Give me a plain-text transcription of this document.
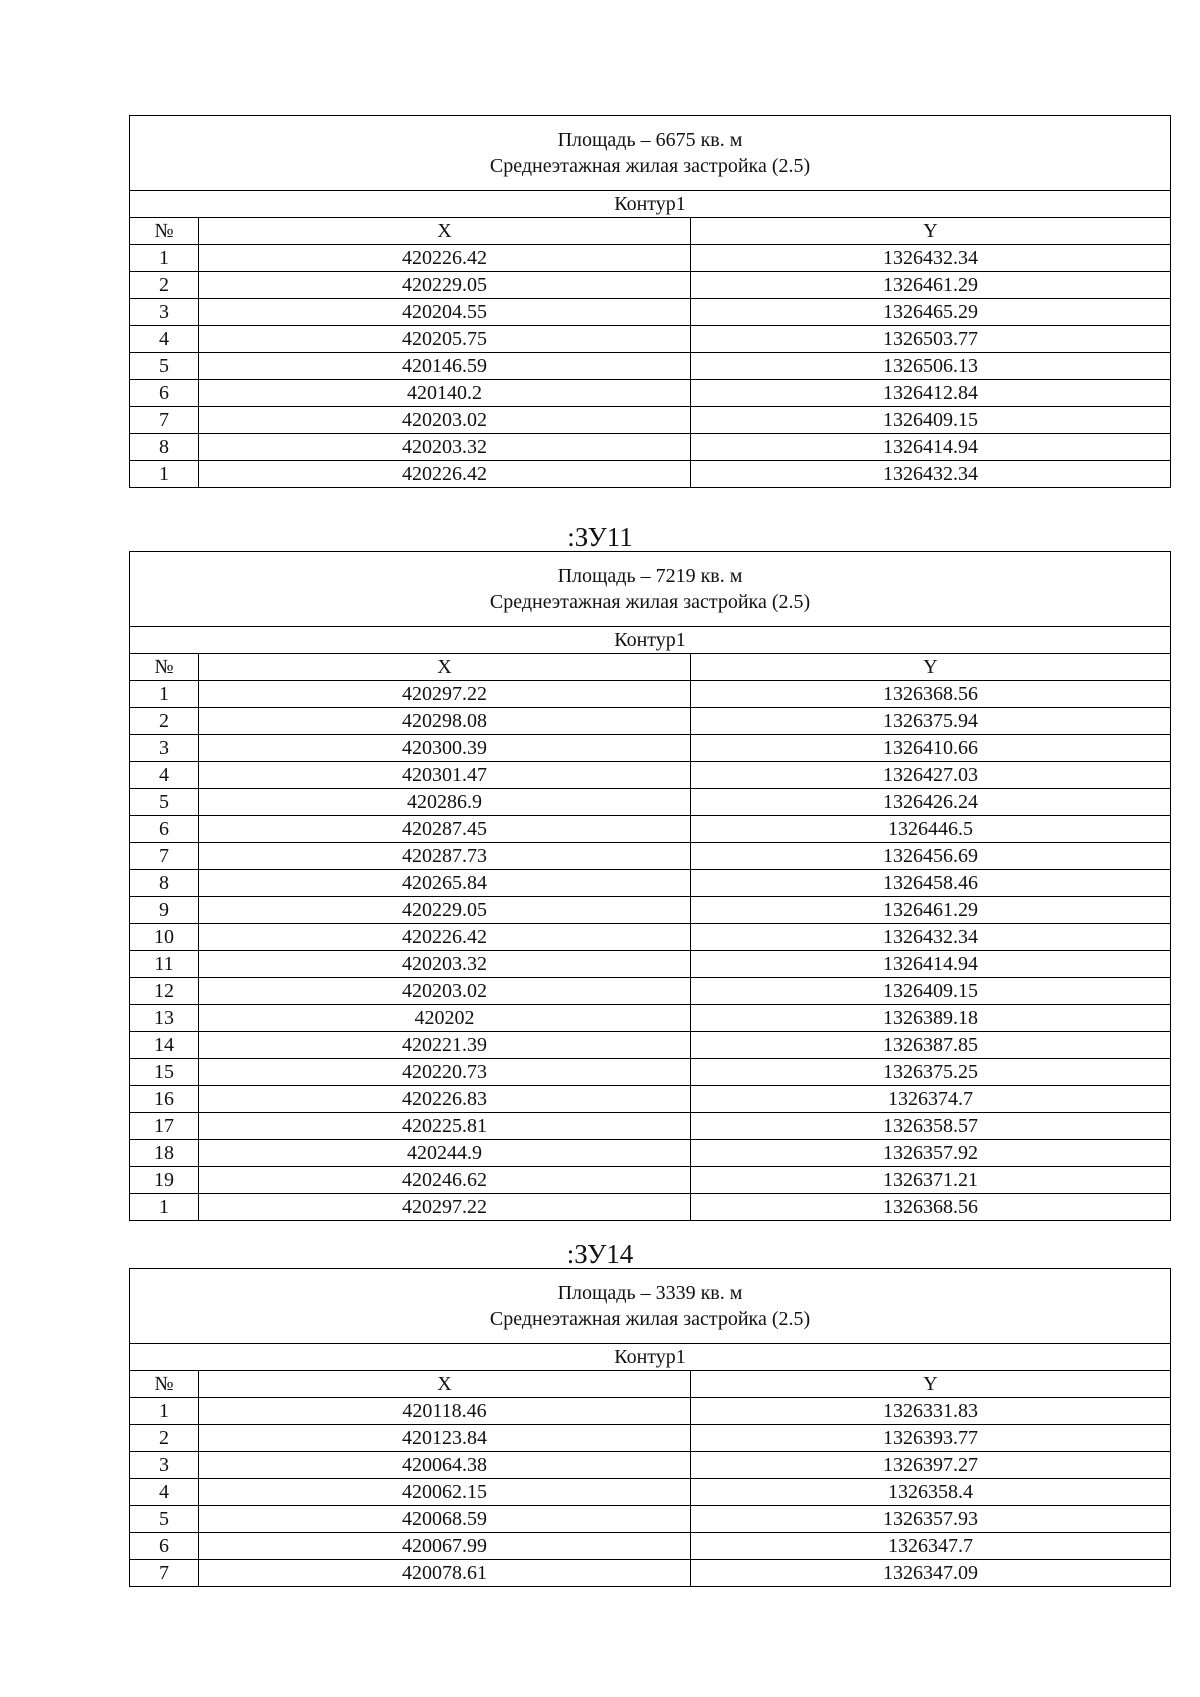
Площадь – 6675 кв. м
Среднеэтажная жилая застройка (2.5)		

Контур1		
№	X	Y
1	420226.42	1326432.34
2	420229.05	1326461.29
3	420204.55	1326465.29
4	420205.75	1326503.77
5	420146.59	1326506.13
6	420140.2	1326412.84
7	420203.02	1326409.15
8	420203.32	1326414.94
1	420226.42	1326432.34
:ЗУ11
Площадь – 7219 кв. м
Среднеэтажная жилая застройка (2.5)		

Контур1		
№	X	Y
1	420297.22	1326368.56
2	420298.08	1326375.94
3	420300.39	1326410.66
4	420301.47	1326427.03
5	420286.9	1326426.24
6	420287.45	1326446.5
7	420287.73	1326456.69
8	420265.84	1326458.46
9	420229.05	1326461.29
10	420226.42	1326432.34
11	420203.32	1326414.94
12	420203.02	1326409.15
13	420202	1326389.18
14	420221.39	1326387.85
15	420220.73	1326375.25
16	420226.83	1326374.7
17	420225.81	1326358.57
18	420244.9	1326357.92
19	420246.62	1326371.21
1	420297.22	1326368.56
:ЗУ14
Площадь – 3339 кв. м
Среднеэтажная жилая застройка (2.5)		

Контур1		
№	X	Y
1	420118.46	1326331.83
2	420123.84	1326393.77
3	420064.38	1326397.27
4	420062.15	1326358.4
5	420068.59	1326357.93
6	420067.99	1326347.7
7	420078.61	1326347.09
